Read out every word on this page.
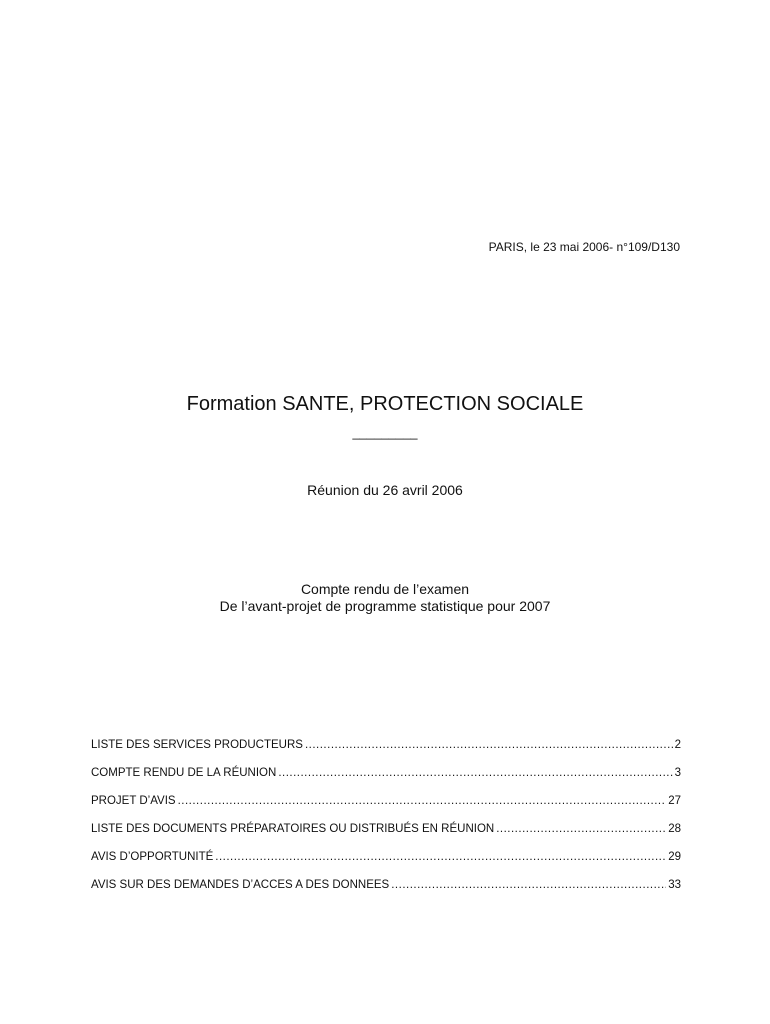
PARIS, le 23 mai 2006- n°109/D130
Formation SANTE, PROTECTION SOCIALE
_________
Réunion du 26 avril 2006
Compte rendu de l’examen
De l’avant-projet de programme statistique pour 2007
LISTE DES SERVICES PRODUCTEURS .....	2
COMPTE RENDU DE LA RÉUNION .....	3
PROJET D’AVIS .....	27
LISTE DES DOCUMENTS PRÉPARATOIRES OU DISTRIBUÉS EN RÉUNION .....	28
AVIS D’OPPORTUNITÉ .....	29
AVIS SUR DES DEMANDES D’ACCES A DES DONNEES .....	33
